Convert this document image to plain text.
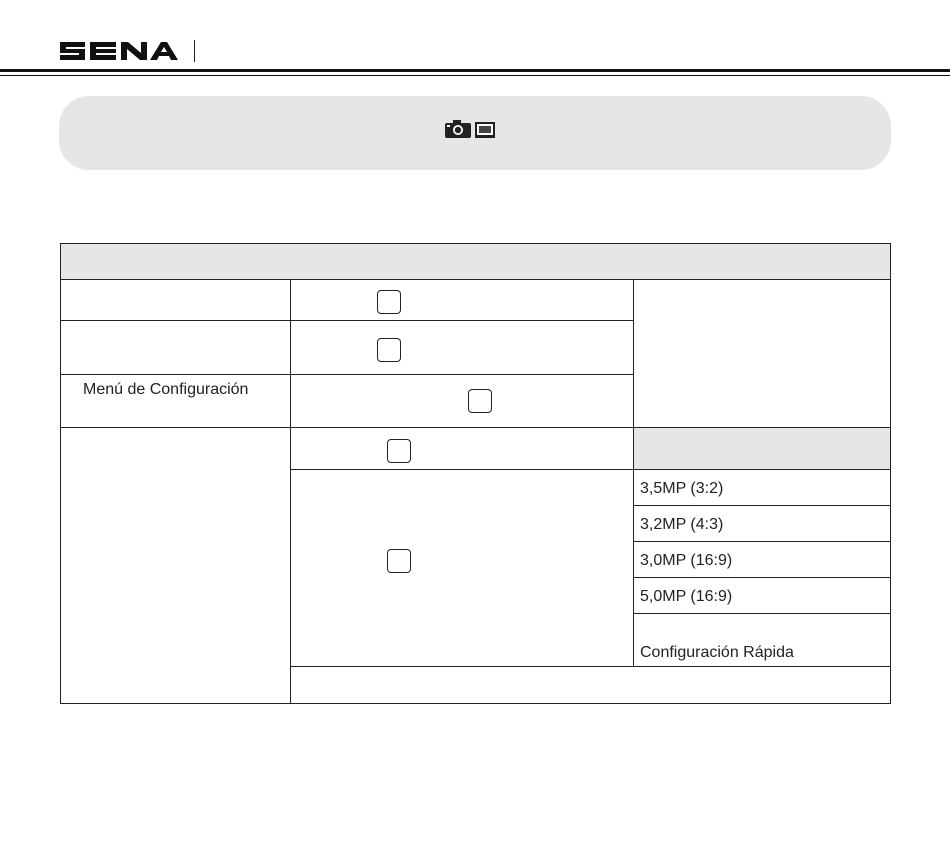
Menú de Configuración
3,5MP (3:2)
3,2MP (4:3)
3,0MP (16:9)
5,0MP (16:9)
Configuración Rápida
